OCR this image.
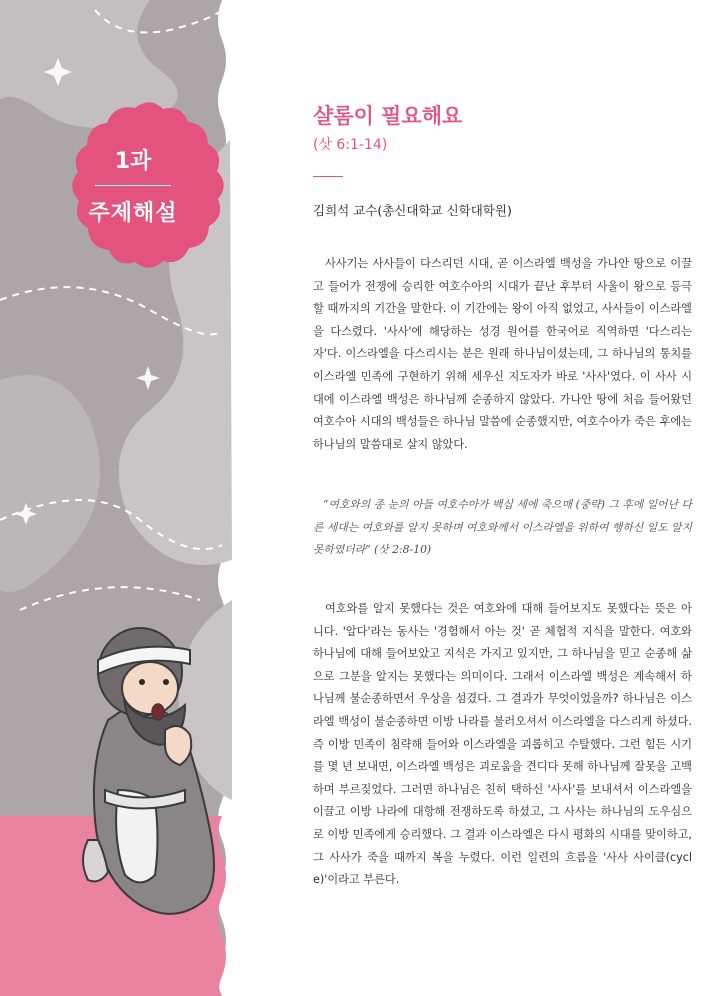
1과
주제해설
샬롬이 필요해요
(삿 6:1-14)
김희석 교수(총신대학교 신학대학원)

사사기는 사사들이 다스리던 시대, 곧 이스라엘 백성을 가나안 땅으로 이끌고 들어가 전쟁에 승리한 여호수아의 시대가 끝난 후부터 사울이 왕으로 등극할 때까지의 기간을 말한다. 이 기간에는 왕이 아직 없었고, 사사들이 이스라엘을 다스렸다. '사사'에 해당하는 성경 원어를 한국어로 직역하면 '다스리는 자'다. 이스라엘을 다스리시는 분은 원래 하나님이셨는데, 그 하나님의 통치를 이스라엘 민족에 구현하기 위해 세우신 지도자가 바로 '사사'였다. 이 사사 시대에 이스라엘 백성은 하나님께 순종하지 않았다. 가나안 땅에 처음 들어왔던 여호수아 시대의 백성들은 하나님 말씀에 순종했지만, 여호수아가 죽은 후에는 하나님의 말씀대로 살지 않았다.

“여호와의 종 눈의 아들 여호수아가 백십 세에 죽으매 (중략) 그 후에 일어난 다른 세대는 여호와를 알지 못하며 여호와께서 이스라엘을 위하여 행하신 일도 알지 못하였더라” (삿 2:8-10)

여호와를 알지 못했다는 것은 여호와에 대해 들어보지도 못했다는 뜻은 아니다. '알다'라는 동사는 '경험해서 아는 것' 곧 체험적 지식을 말한다. 여호와 하나님에 대해 들어보았고 지식은 가지고 있지만, 그 하나님을 믿고 순종해 삶으로 그분을 알지는 못했다는 의미이다. 그래서 이스라엘 백성은 계속해서 하나님께 불순종하면서 우상을 섬겼다. 그 결과가 무엇이었을까? 하나님은 이스라엘 백성이 불순종하면 이방 나라를 불러오셔서 이스라엘을 다스리게 하셨다. 즉 이방 민족이 침략해 들어와 이스라엘을 괴롭히고 수탈했다. 그런 힘든 시기를 몇 년 보내면, 이스라엘 백성은 괴로움을 견디다 못해 하나님께 잘못을 고백하며 부르짖었다. 그러면 하나님은 친히 택하신 '사사'를 보내셔서 이스라엘을 이끌고 이방 나라에 대항해 전쟁하도록 하셨고, 그 사사는 하나님의 도우심으로 이방 민족에게 승리했다. 그 결과 이스라엘은 다시 평화의 시대를 맞이하고, 그 사사가 죽을 때까지 복을 누렸다. 이런 일련의 흐름을 '사사 사이클(cycle)'이라고 부른다.
